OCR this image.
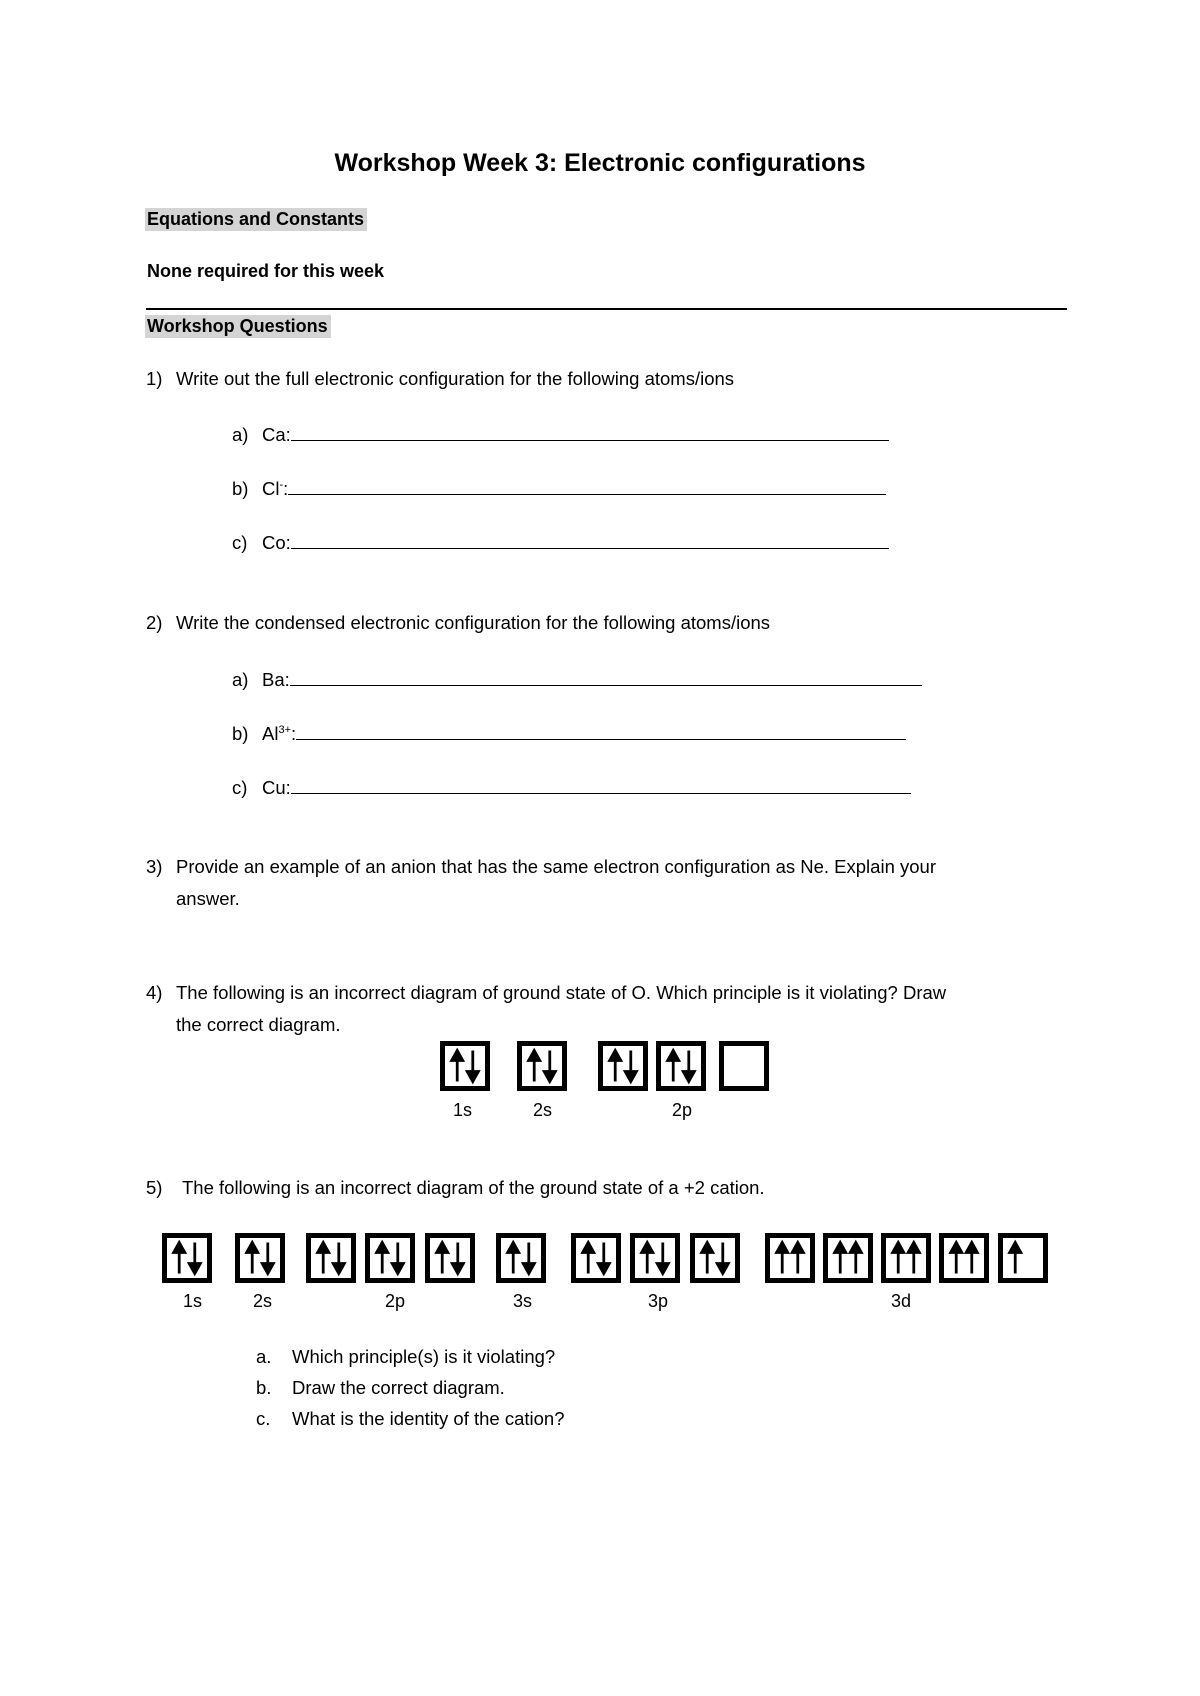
Workshop Week 3: Electronic configurations
Equations and Constants
None required for this week
Workshop Questions
1) Write out the full electronic configuration for the following atoms/ions
a) Ca:
b) Cl-:
c) Co:
2) Write the condensed electronic configuration for the following atoms/ions
a) Ba:
b) $Al^{3+}$:
c) Cu:
3) Provide an example of an anion that has the same electron configuration as Ne. Explain your
answer.
4) The following is an incorrect diagram of ground state of O. Which principle is it violating? Draw
the correct diagram.
1s	2s	2p
5) The following is an incorrect diagram of the ground state of a +2 cation.
1s	2s	2p	3s	3p	3d
a. Which principle(s) is it violating?
b. Draw the correct diagram.
c. What is the identity of the cation?
